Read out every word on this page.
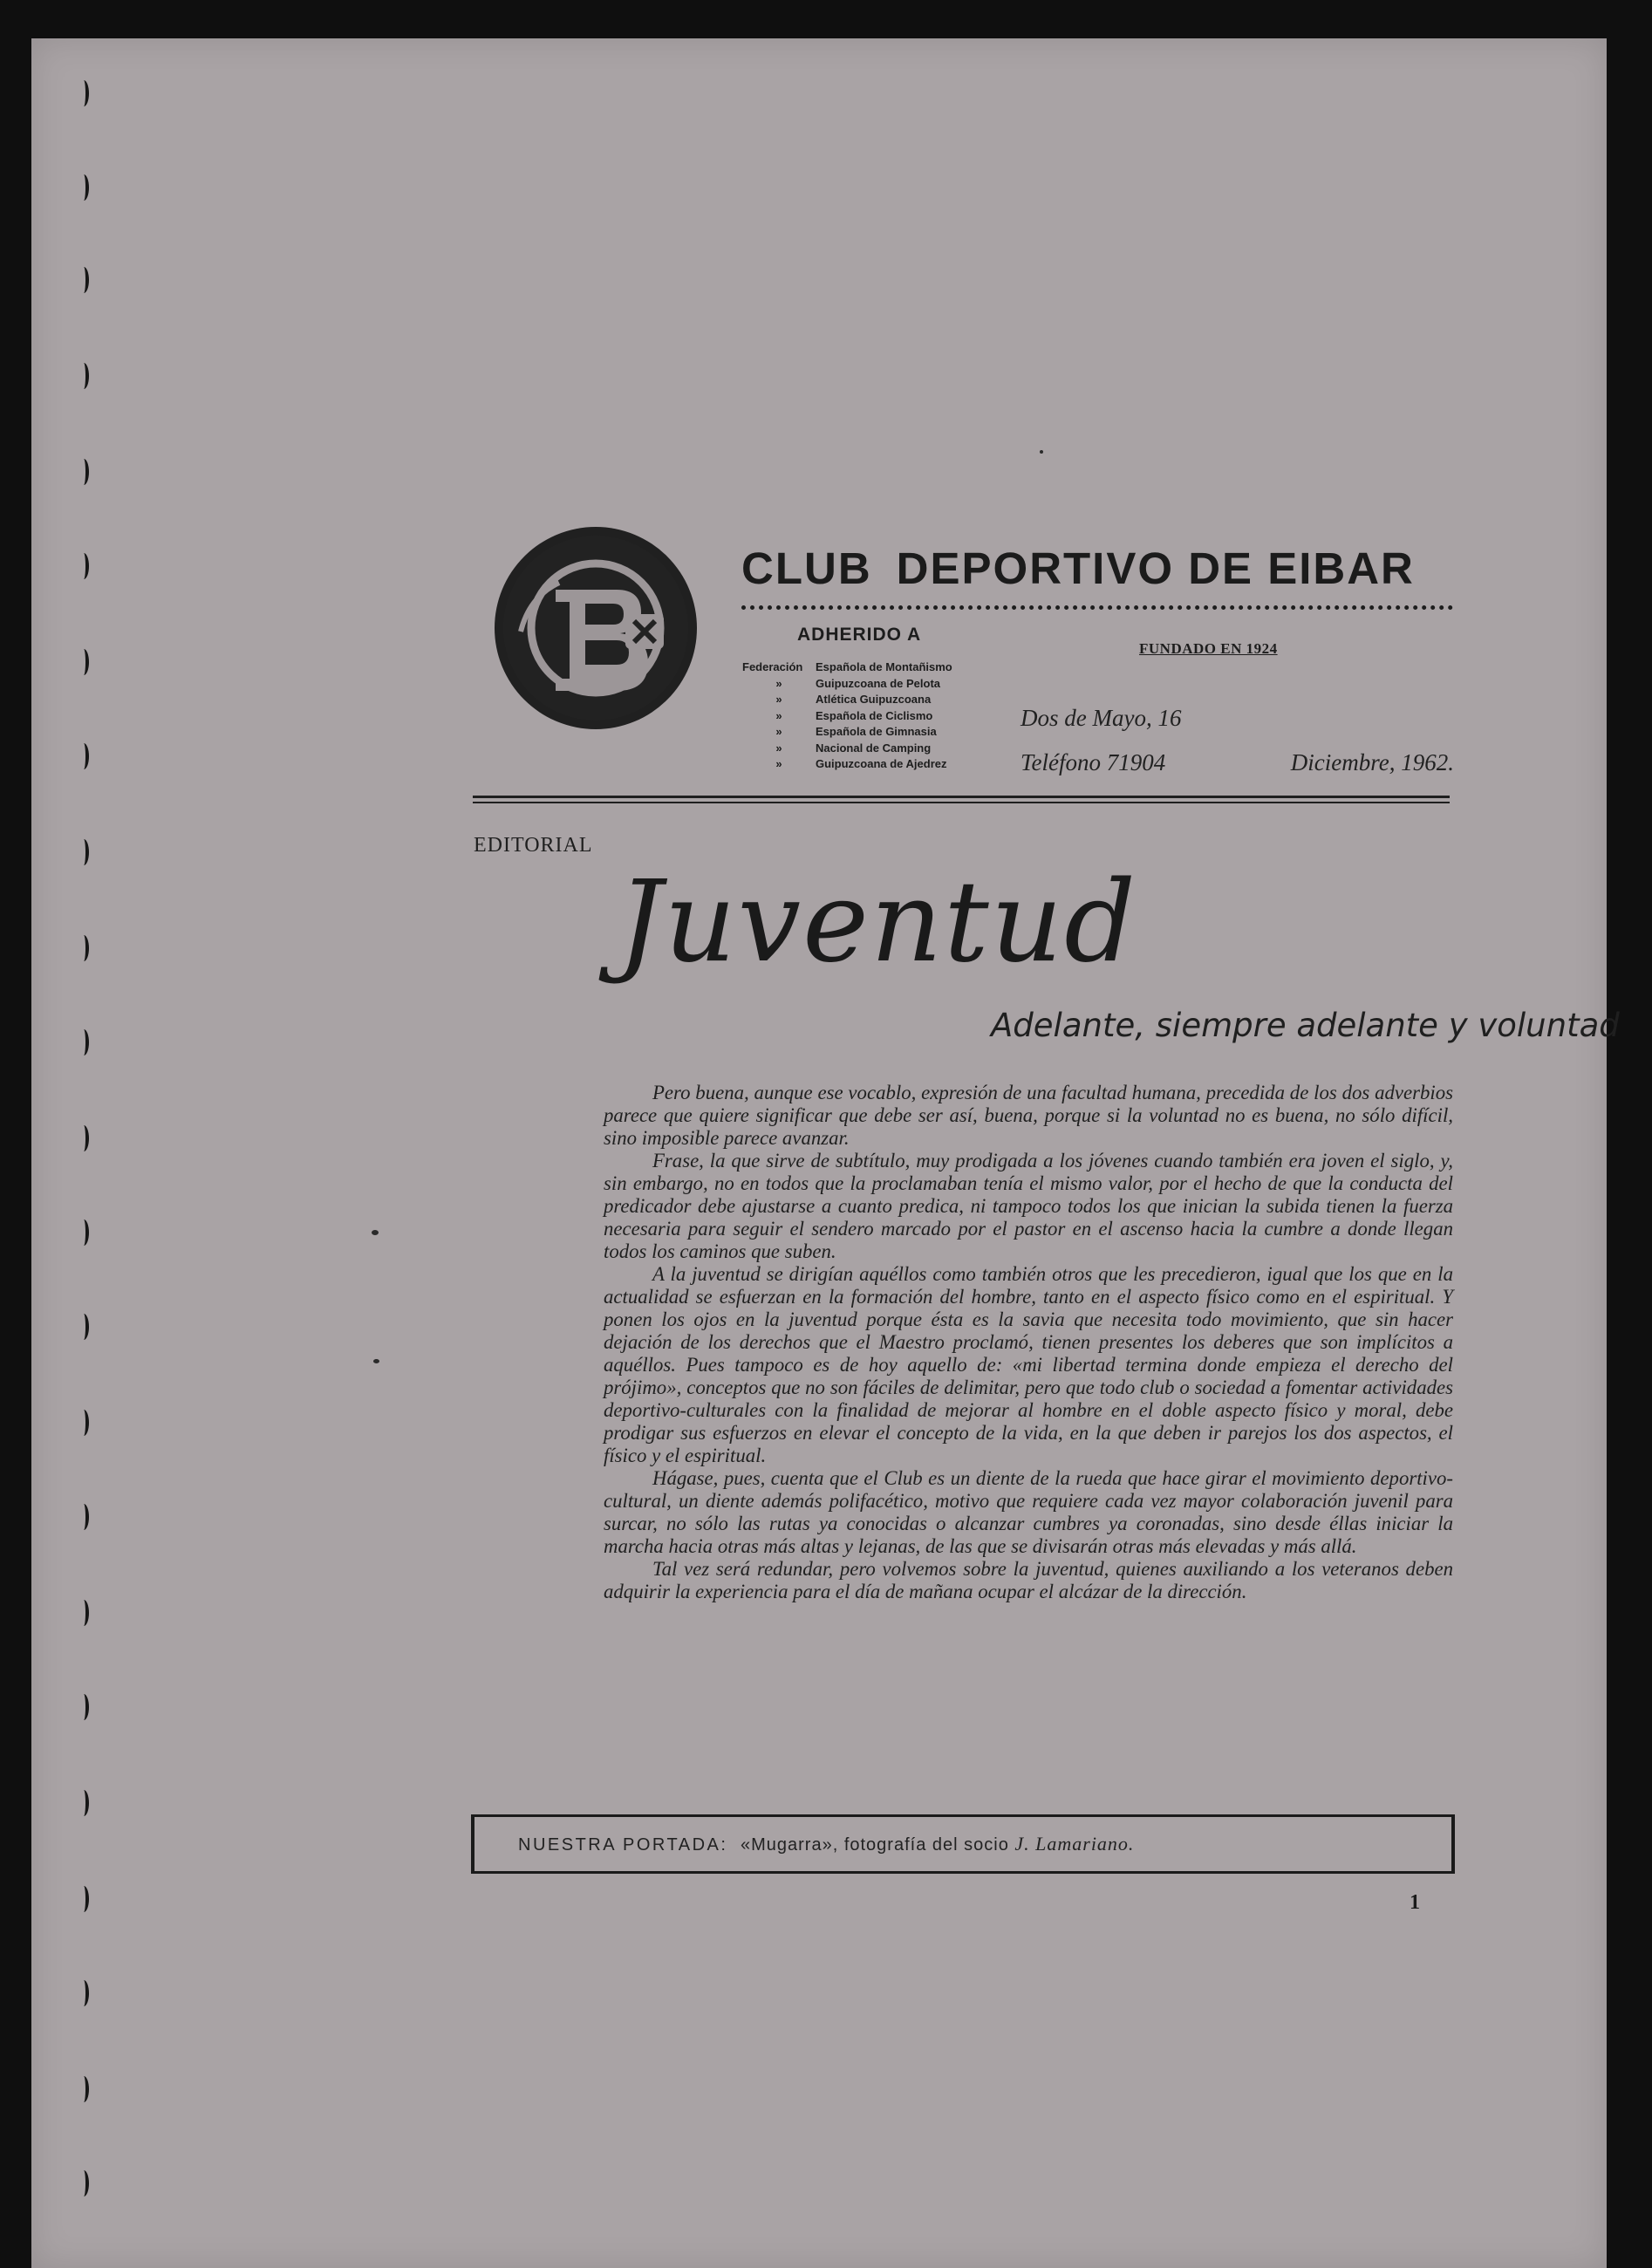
CLUB DEPORTIVO DE EIBAR
ADHERIDO A
Federación	Española de Montañismo
»	Guipuzcoana de Pelota
»	Atlética Guipuzcoana
»	Española de Ciclismo
»	Española de Gimnasia
»	Nacional de Camping
»	Guipuzcoana de Ajedrez
FUNDADO EN 1924
Dos de Mayo, 16
Teléfono 71904	Diciembre, 1962.
EDITORIAL
Juventud
Adelante, siempre adelante y voluntad

Pero buena, aunque ese vocablo, expresión de una facultad humana, precedida de los dos adverbios parece que quiere significar que debe ser así, buena, porque si la voluntad no es buena, no sólo difícil, sino imposible parece avanzar.

Frase, la que sirve de subtítulo, muy prodigada a los jóvenes cuando también era joven el siglo, y, sin embargo, no en todos que la proclamaban tenía el mismo valor, por el hecho de que la conducta del predicador debe ajustarse a cuanto predica, ni tampoco todos los que inician la subida tienen la fuerza necesaria para seguir el sendero marcado por el pastor en el ascenso hacia la cumbre a donde llegan todos los caminos que suben.

A la juventud se dirigían aquéllos como también otros que les precedieron, igual que los que en la actualidad se esfuerzan en la formación del hombre, tanto en el aspecto físico como en el espiritual. Y ponen los ojos en la juventud porque ésta es la savia que necesita todo movimiento, que sin hacer dejación de los derechos que el Maestro proclamó, tienen presentes los deberes que son implícitos a aquéllos. Pues tampoco es de hoy aquello de: «mi libertad termina donde empieza el derecho del prójimo», conceptos que no son fáciles de delimitar, pero que todo club o sociedad a fomentar actividades deportivo-culturales con la finalidad de mejorar al hombre en el doble aspecto físico y moral, debe prodigar sus esfuerzos en elevar el concepto de la vida, en la que deben ir parejos los dos aspectos, el físico y el espiritual.

Hágase, pues, cuenta que el Club es un diente de la rueda que hace girar el movimiento deportivo-cultural, un diente además polifacético, motivo que requiere cada vez mayor colaboración juvenil para surcar, no sólo las rutas ya conocidas o alcanzar cumbres ya coronadas, sino desde éllas iniciar la marcha hacia otras más altas y lejanas, de las que se divisarán otras más elevadas y más allá.

Tal vez será redundar, pero volvemos sobre la juventud, quienes auxiliando a los veteranos deben adquirir la experiencia para el día de mañana ocupar el alcázar de la dirección.

NUESTRA PORTADA: «Mugarra», fotografía del socio J. Lamariano.
1
